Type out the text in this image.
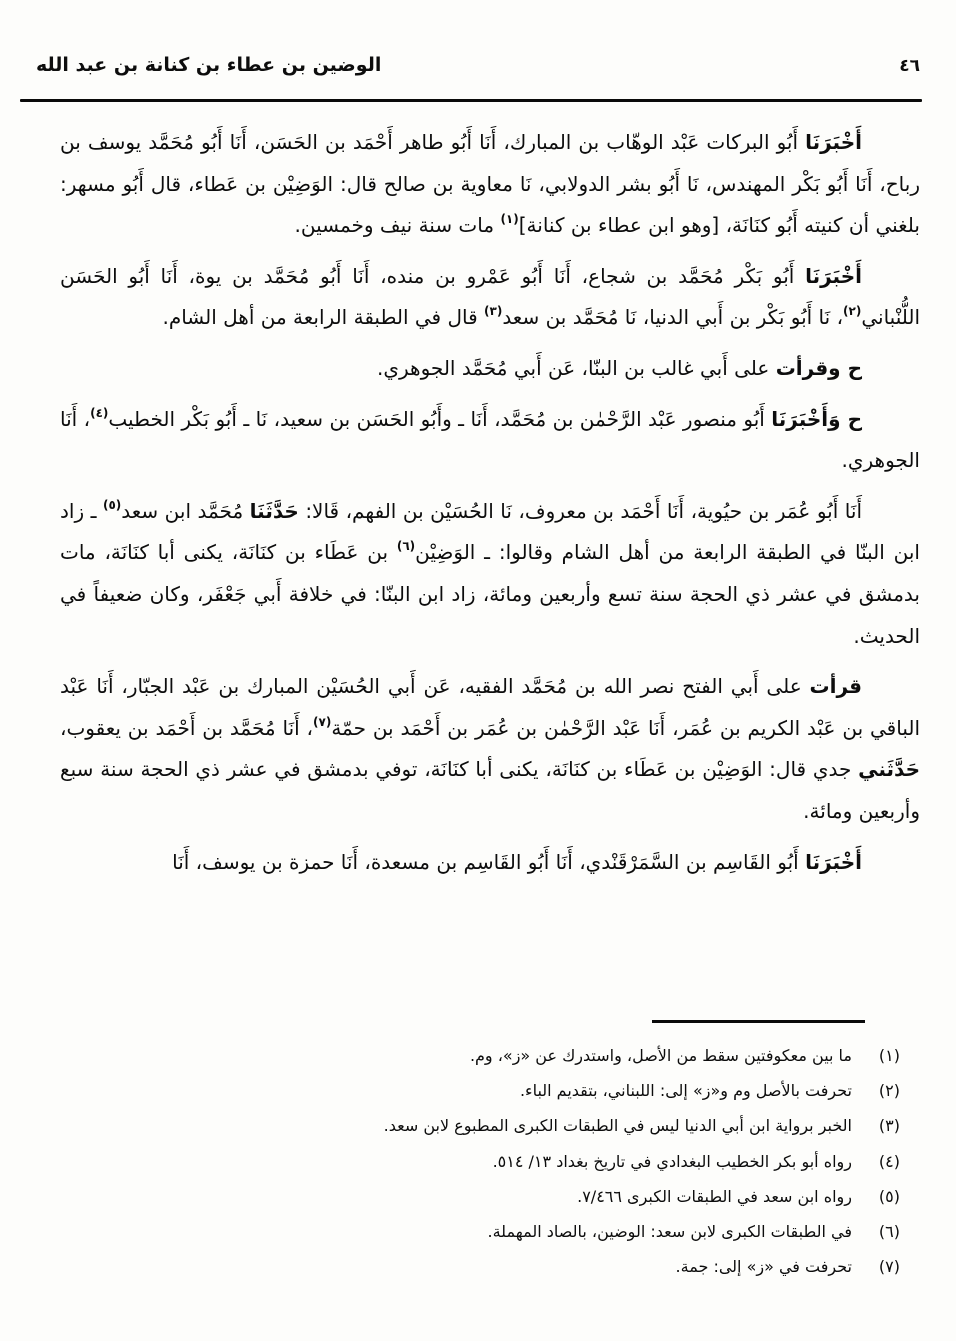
الوضين بن عطاء بن كنانة بن عبد الله	٤٦

أَخْبَرَنَا أَبُو البركات عَبْد الوهّاب بن المبارك، أَنَا أَبُو طاهر أَحْمَد بن الحَسَن، أَنَا أَبُو مُحَمَّد يوسف بن رباح، أَنَا أَبُو بَكْر المهندس، نَا أَبُو بشر الدولابي، نَا معاوية بن صالح قال: الوَضِيْن بن عَطاء، قال أَبُو مسهر: بلغني أن كنيته أَبُو كنَانَة، [وهو ابن عطاء بن كنانة]$^{(١)}$ مات سنة نيف وخمسين.

أَخْبَرَنَا أَبُو بَكْر مُحَمَّد بن شجاع، أَنَا أَبُو عَمْرو بن منده، أَنَا أَبُو مُحَمَّد بن يوة، أَنَا أَبُو الحَسَن اللُّنْباني$^{(٢)}$، نَا أَبُو بَكْر بن أَبي الدنيا، نَا مُحَمَّد بن سعد$^{(٣)}$ قال في الطبقة الرابعة من أهل الشام.

ح وقرأت على أَبي غالب بن البنّا، عَن أَبي مُحَمَّد الجوهري.

ح وَأَخْبَرَنَا أَبُو منصور عَبْد الرَّحْمٰن بن مُحَمَّد، أَنَا ـ وأَبُو الحَسَن بن سعيد، نَا ـ أَبُو بَكْر الخطيب$^{(٤)}$، أَنَا الجوهري.

أَنَا أَبُو عُمَر بن حيُوية، أَنَا أَحْمَد بن معروف، نَا الحُسَيْن بن الفهم، قَالا: حَدَّثَنَا مُحَمَّد ابن سعد$^{(٥)}$ ـ زاد ابن البنّا في الطبقة الرابعة من أهل الشام وقالوا: ـ الوَضِيْن$^{(٦)}$ بن عَطَاء بن كنَانَة، يكنى أبا كنَانَة، مات بدمشق في عشر ذي الحجة سنة تسع وأربعين ومائة، زاد ابن البنّا: في خلافة أَبي جَعْفَر، وكان ضعيفاً في الحديث.

قرأت على أَبي الفتح نصر الله بن مُحَمَّد الفقيه، عَن أَبي الحُسَيْن المبارك بن عَبْد الجبّار، أَنَا عَبْد الباقي بن عَبْد الكريم بن عُمَر، أَنَا عَبْد الرَّحْمٰن بن عُمَر بن أَحْمَد بن حمّة$^{(٧)}$، أَنَا مُحَمَّد بن أَحْمَد بن يعقوب، حَدَّثَني جدي قال: الوَضِيْن بن عَطَاء بن كنَانَة، يكنى أبا كنَانَة، توفي بدمشق في عشر ذي الحجة سنة سبع وأربعين ومائة.

أَخْبَرَنَا أَبُو القَاسِم بن السَّمَرْقَنْدي، أَنَا أَبُو القَاسِم بن مسعدة، أَنَا حمزة بن يوسف، أَنَا

(١)
ما بين معكوفتين سقط من الأصل، واستدرك عن «ز»، وم.
(٢)
تحرفت بالأصل وم و«ز» إلى: اللبناني، بتقديم الباء.
(٣)
الخبر برواية ابن أبي الدنيا ليس في الطبقات الكبرى المطبوع لابن سعد.
(٤)
رواه أبو بكر الخطيب البغدادي في تاريخ بغداد ١٣/ ٥١٤.
(٥)
رواه ابن سعد في الطبقات الكبرى ٧/٤٦٦.
(٦)
في الطبقات الكبرى لابن سعد: الوضين، بالصاد المهملة.
(٧)
تحرفت في «ز» إلى: جمة.
